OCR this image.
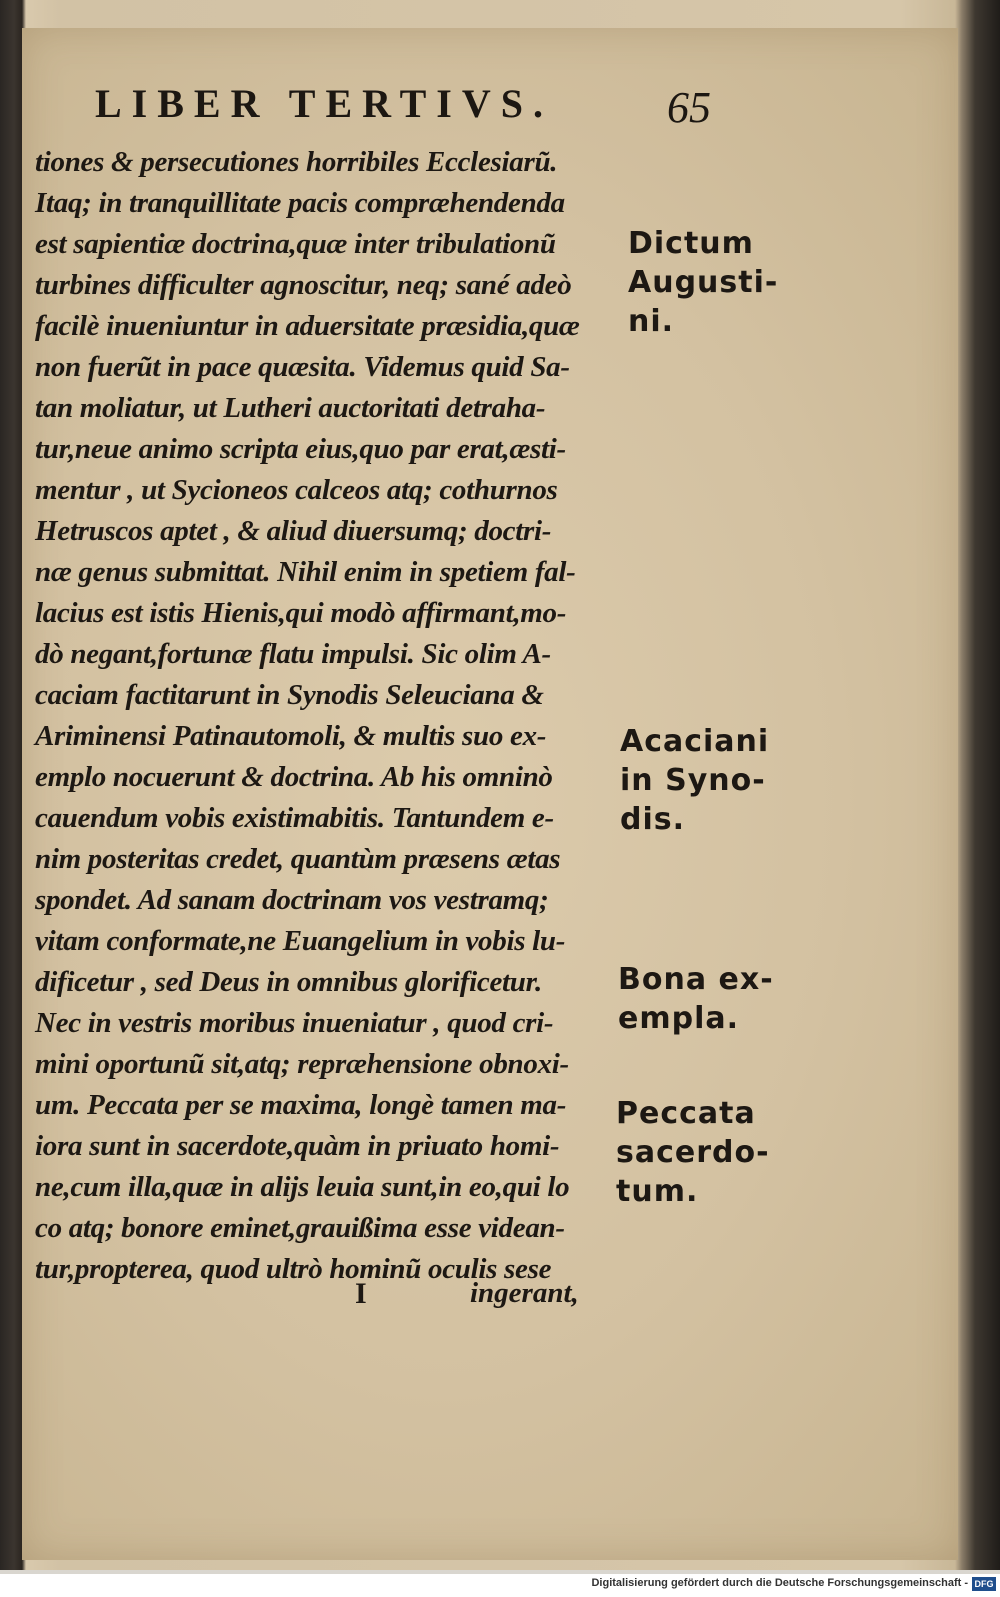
LIBER TERTIVS.	65
tiones & persecutiones horribiles Ecclesiarũ.
Itaq; in tranquillitate pacis compræhendenda
est sapientiæ doctrina,quæ inter tribulationũ
turbines difficulter agnoscitur, neq; sané adeò
facilè inueniuntur in aduersitate præsidia,quæ
non fuerũt in pace quæsita. Videmus quid Sa-
tan moliatur, ut Lutheri auctoritati detraha-
tur,neue animo scripta eius,quo par erat,æsti-
mentur , ut Sycioneos calceos atq; cothurnos
Hetruscos aptet , & aliud diuersumq; doctri-
næ genus submittat. Nihil enim in spetiem fal-
lacius est istis Hienis,qui modò affirmant,mo-
dò negant,fortunæ flatu impulsi. Sic olim A-
caciam factitarunt in Synodis Seleuciana &
Ariminensi Patinautomoli, & multis suo ex-
emplo nocuerunt & doctrina. Ab his omninò
cauendum vobis existimabitis. Tantundem e-
nim posteritas credet, quantùm præsens ætas
spondet. Ad sanam doctrinam vos vestramq;
vitam conformate,ne Euangelium in vobis lu-
dificetur , sed Deus in omnibus glorificetur.
Nec in vestris moribus inueniatur , quod cri-
mini oportunũ sit,atq; repræhensione obnoxi-
um. Peccata per se maxima, longè tamen ma-
iora sunt in sacerdote,quàm in priuato homi-
ne,cum illa,quæ in alijs leuia sunt,in eo,qui lo
co atq; bonore eminet,grauißima esse videan-
tur,propterea, quod ultrò hominũ oculis sese
I	ingerant,
Dictum
Augusti-
ni.
Acaciani
in Syno-
dis.
Bona ex-
empla.
Peccata
sacerdo-
tum.
Digitalisierung gefördert durch die Deutsche Forschungsgemeinschaft - DFG
